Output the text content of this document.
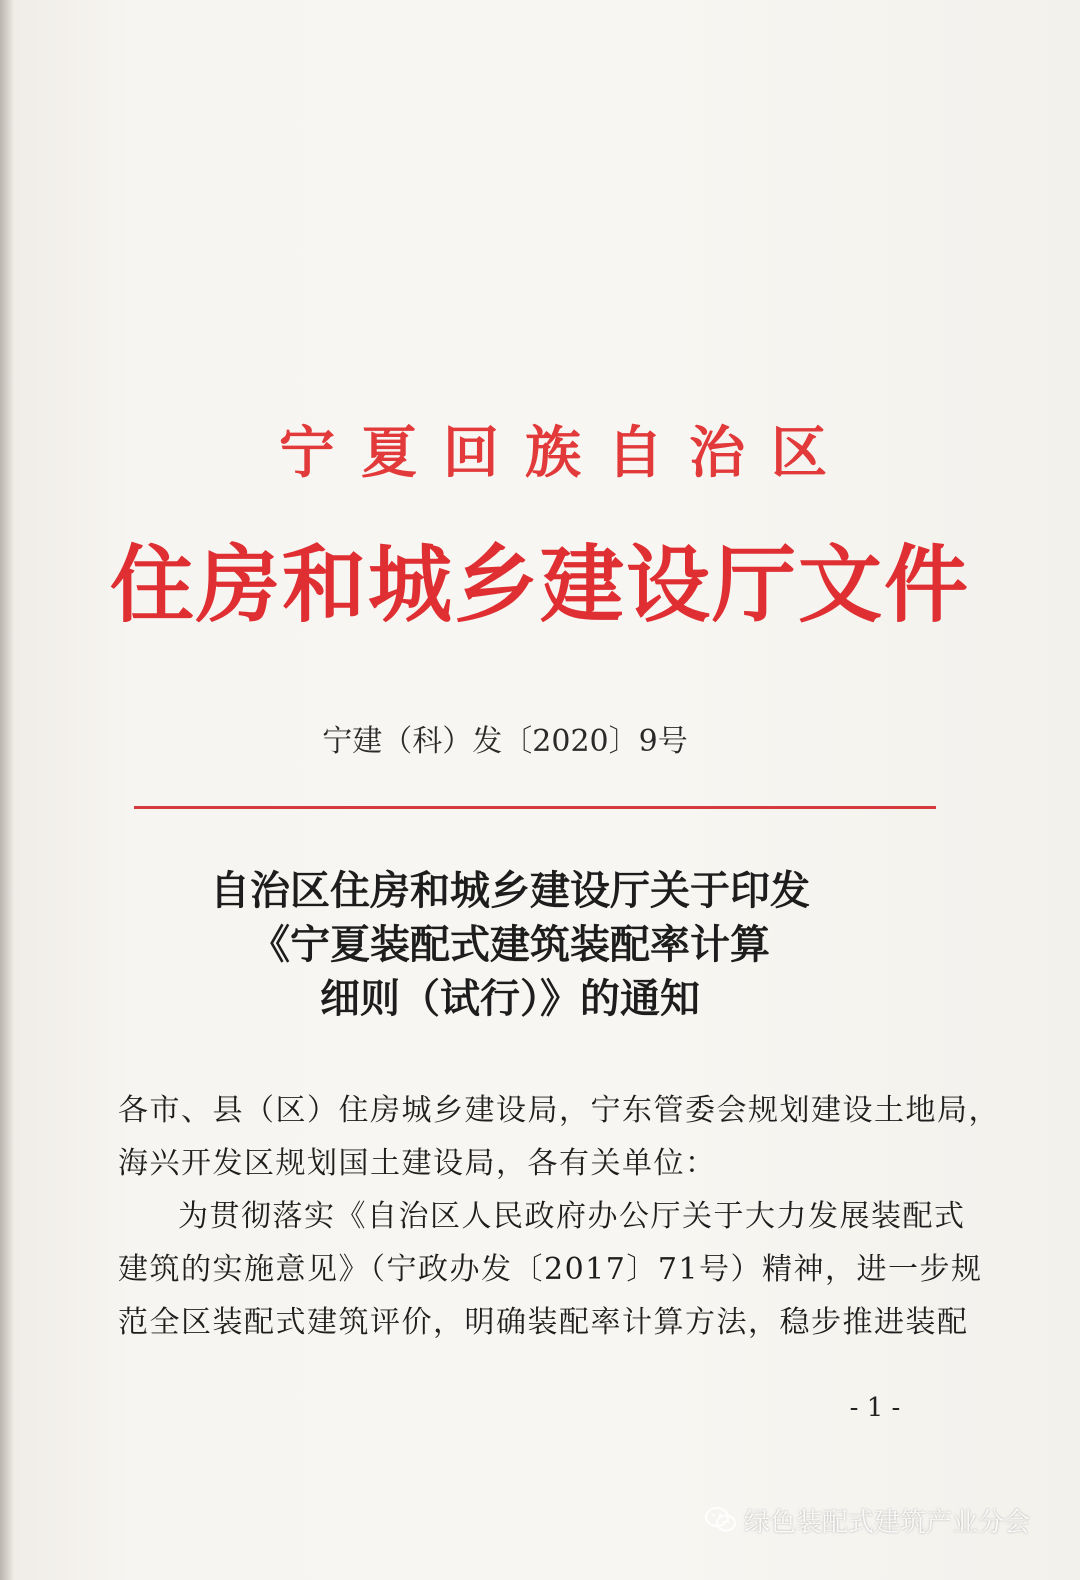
宁夏回族自治区
住房和城乡建设厅文件
宁建（科）发〔2020〕9号
自治区住房和城乡建设厅关于印发
《宁夏装配式建筑装配率计算
细则（试行）》的通知
各市、县（区）住房城乡建设局，宁东管委会规划建设土地局，
海兴开发区规划国土建设局，各有关单位：
为贯彻落实《自治区人民政府办公厅关于大力发展装配式
建筑的实施意见》（宁政办发〔2017〕71号）精神，进一步规
范全区装配式建筑评价，明确装配率计算方法，稳步推进装配
- 1 -
绿色装配式建筑产业分会
